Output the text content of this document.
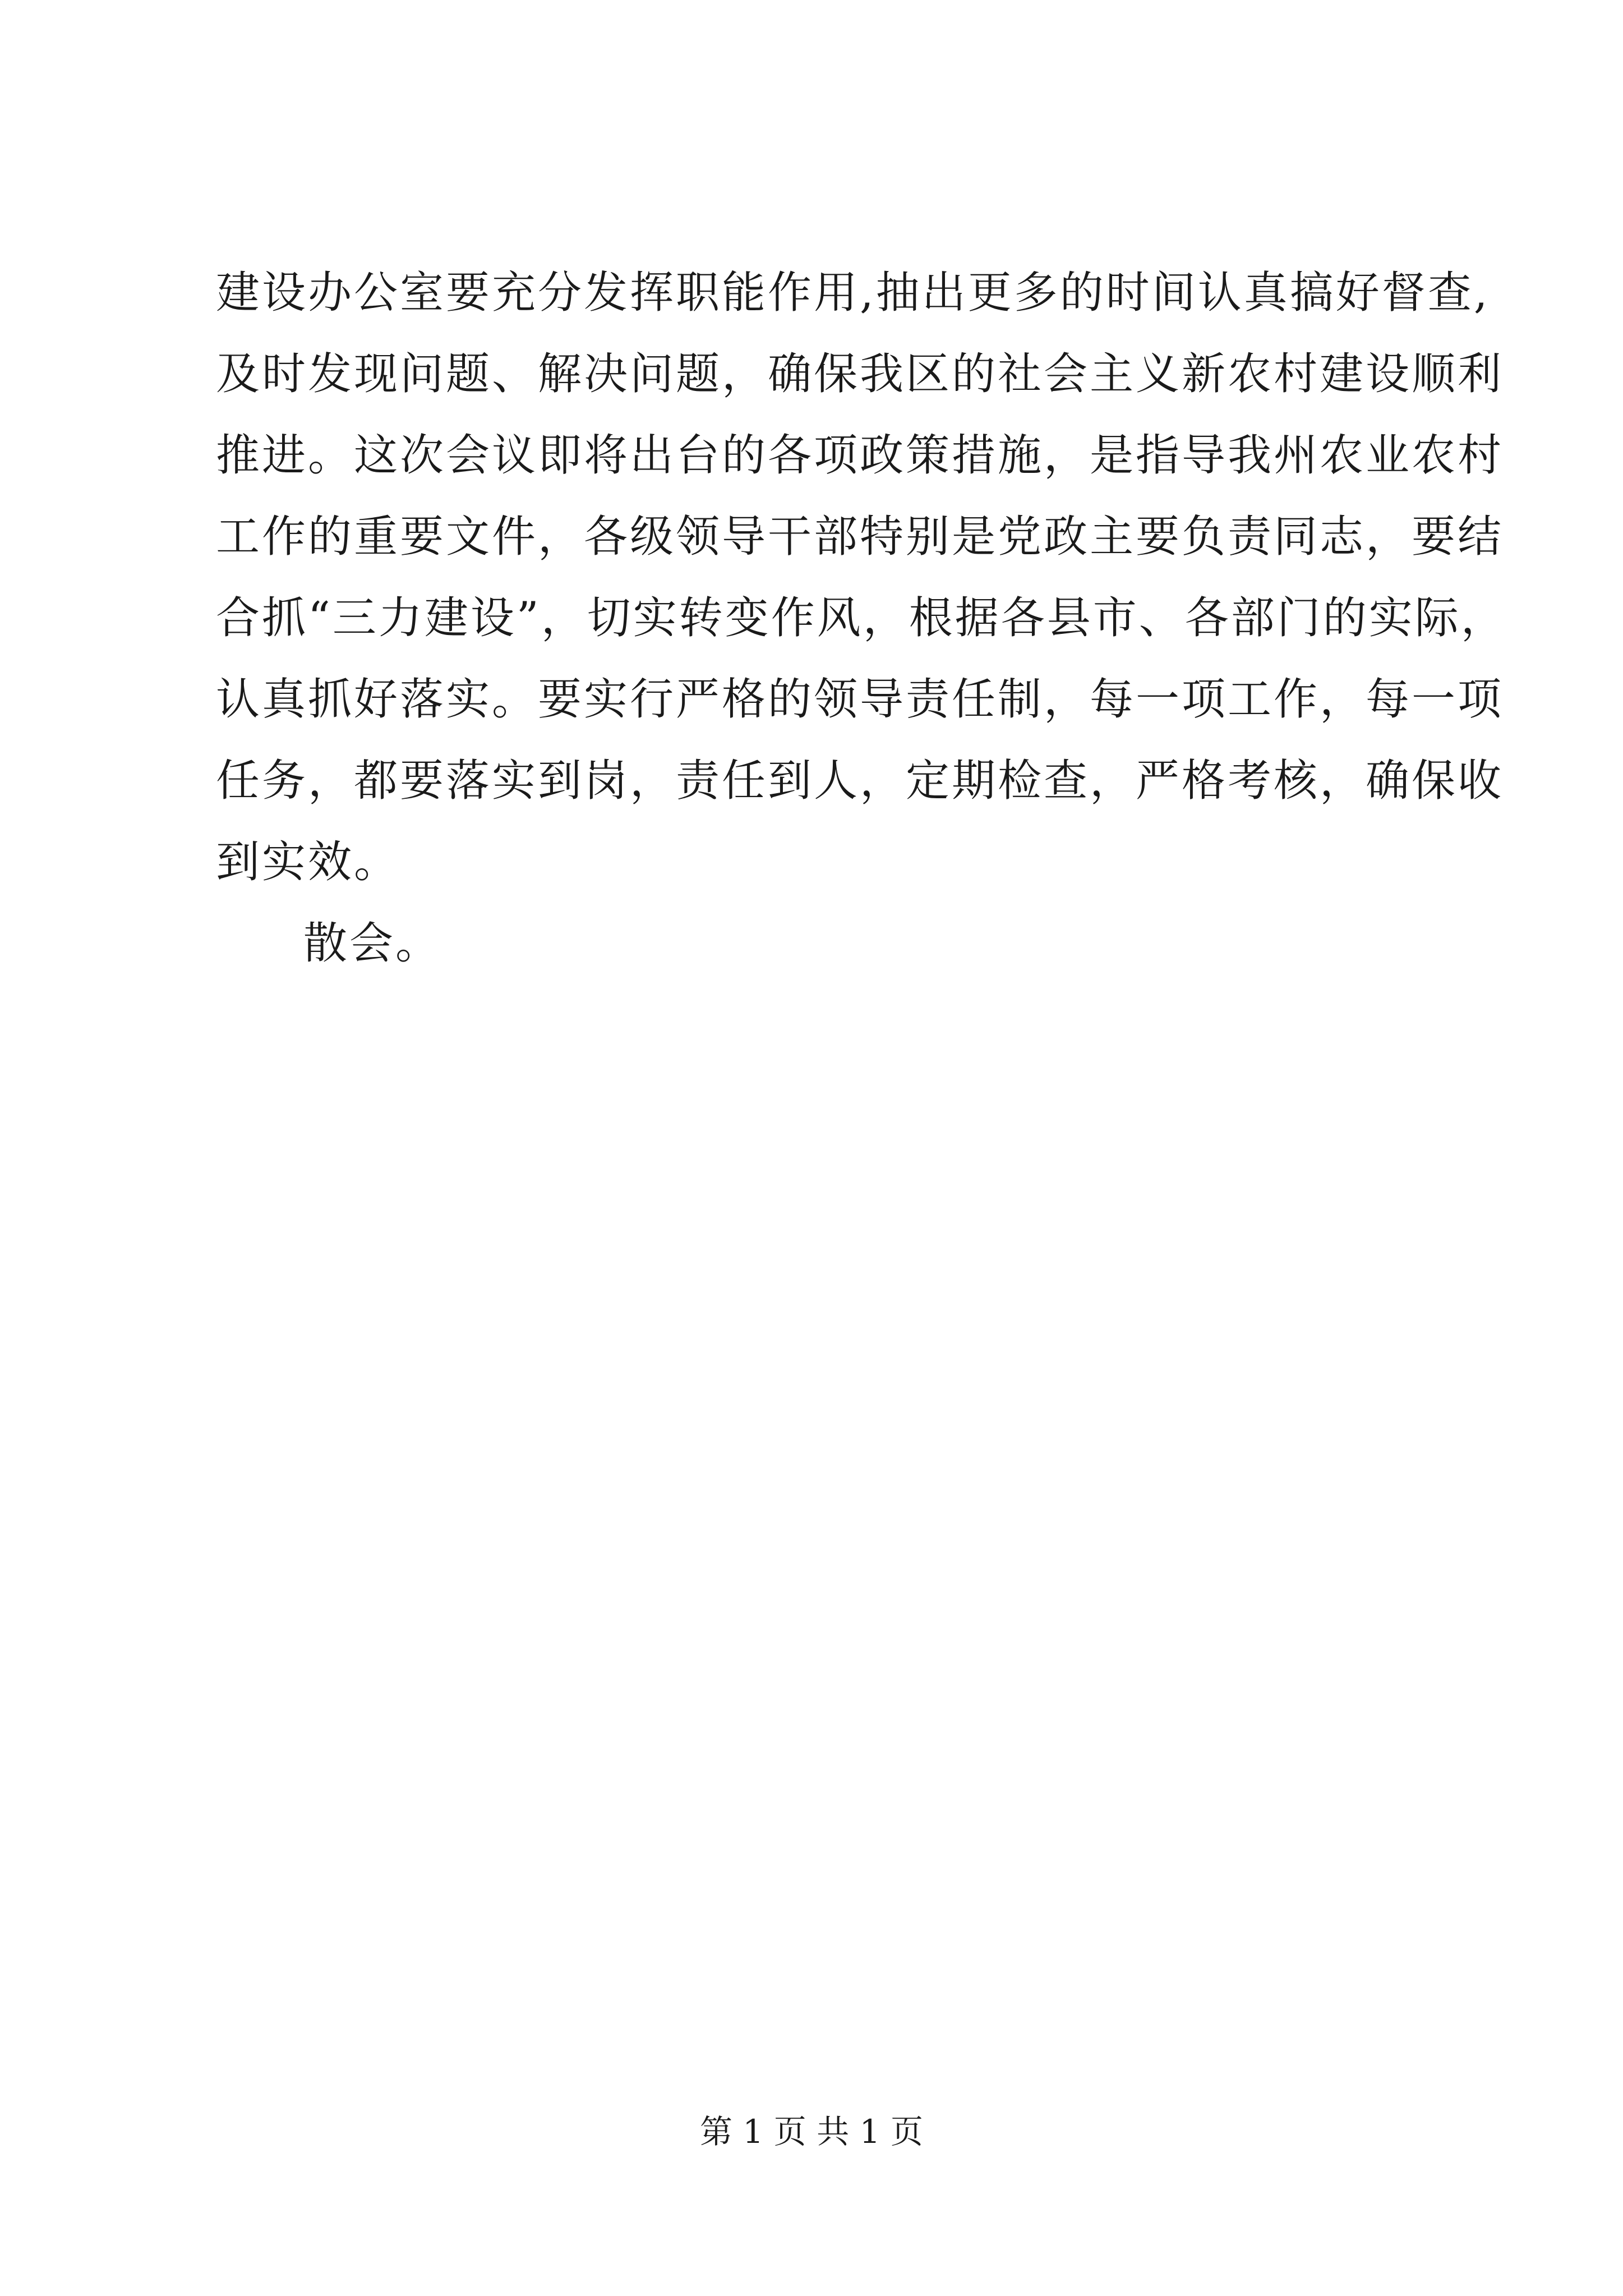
建设办公室要充分发挥职能作用,抽出更多的时间认真搞好督查,
及时发现问题、解决问题，确保我区的社会主义新农村建设顺利
推进。这次会议即将出台的各项政策措施，是指导我州农业农村
工作的重要文件，各级领导干部特别是党政主要负责同志，要结
合抓“三力建设”，切实转变作风，根据各县市、各部门的实际，
认真抓好落实。要实行严格的领导责任制，每一项工作，每一项
任务，都要落实到岗，责任到人，定期检查，严格考核，确保收
到实效。
散会。
第 1 页 共 1 页
